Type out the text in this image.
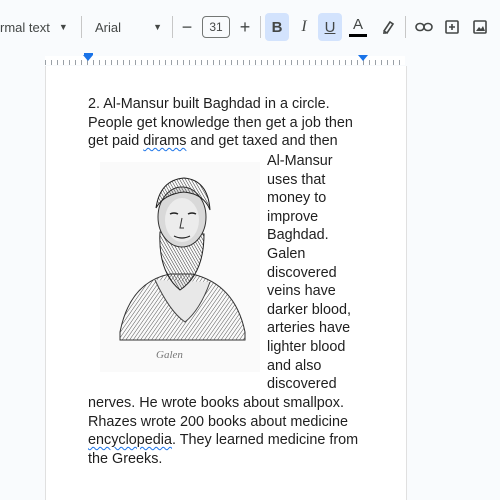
rmal text ▼ Arial	▼ −	31 +	B I U A
2. Al-Mansur built Baghdad in a circle.
People get knowledge then get a job then
get paid dirams and get taxed and then
Al-Mansur
uses that
money to
improve
Baghdad.
Galen
discovered
veins have
darker blood,
arteries have
lighter blood
and also
discovered
nerves. He wrote books about smallpox.
Rhazes wrote 200 books about medicine
encyclopedia. They learned medicine from
the Greeks.
Galen
